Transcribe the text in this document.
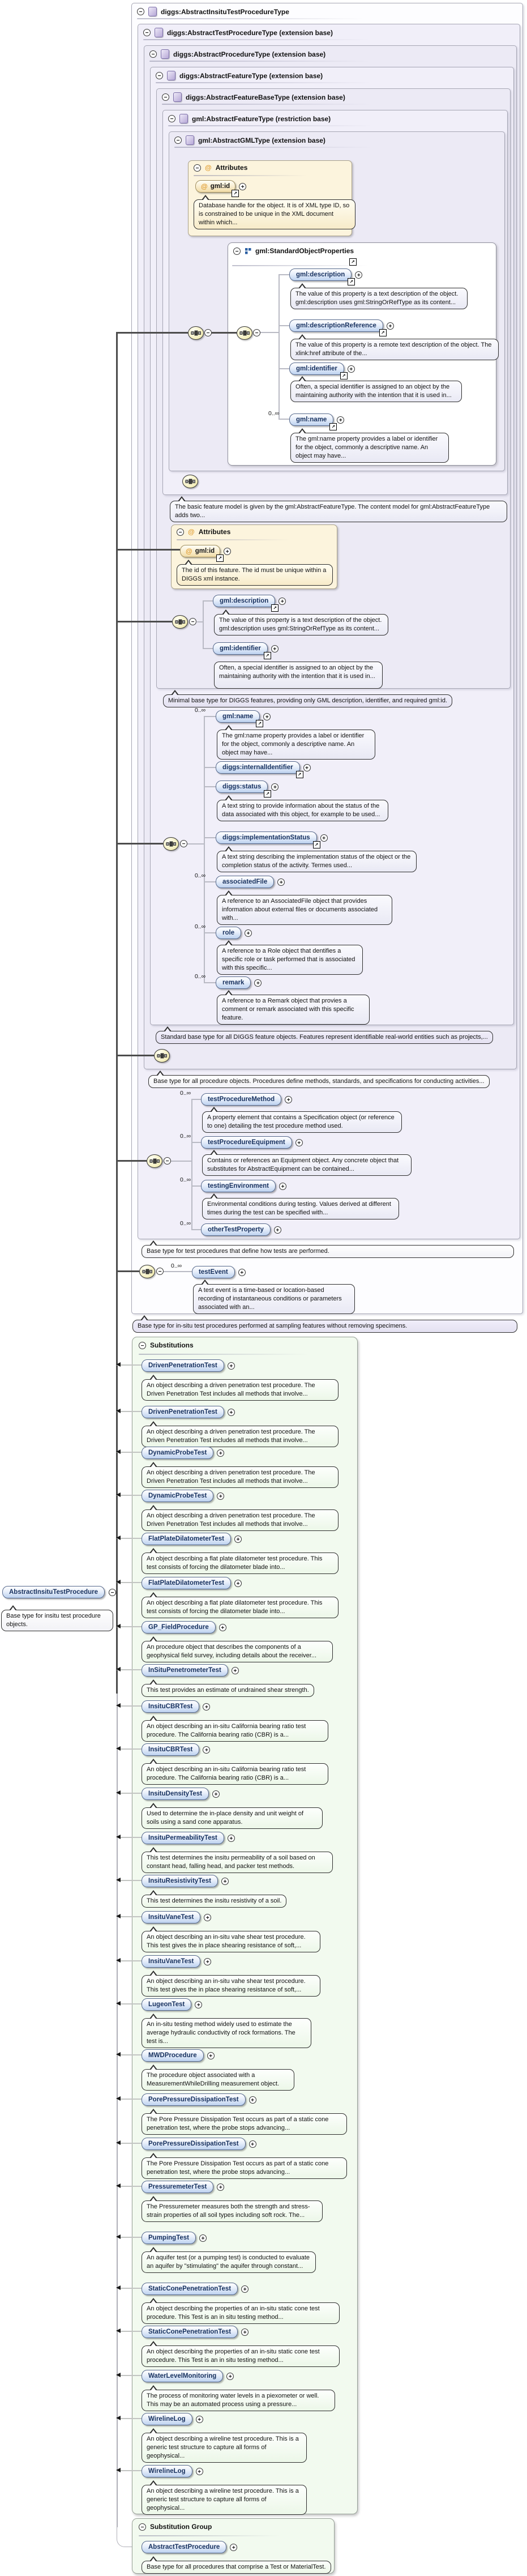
−	diggs:AbstractInsituTestProcedureType
−	diggs:AbstractTestProcedureType (extension base)
−	diggs:AbstractProcedureType (extension base)
−	diggs:AbstractFeatureType (extension base)
−	diggs:AbstractFeatureBaseType (extension base)
−	gml:AbstractFeatureType (restriction base)
−	gml:AbstractGMLType (extension base)
− @ Attributes
@ gml:id
↗
+
Database handle for the object. It is of XML type ID, so is constrained to be unique in the XML document within which...
− gml:StandardObjectProperties
↗
−	−
gml:description
↗
+
The value of this property is a text description of the object. gml:description uses gml:StringOrRefType as its content...
gml:descriptionReference
↗
+
The value of this property is a remote text description of the object. The xlink:href attribute of the...
gml:identifier
↗
+
Often, a special identifier is assigned to an object by the maintaining authority with the intention that it is used in...
0..∞
gml:name
↗
+
The gml:name property provides a label or identifier for the object, commonly a descriptive name. An object may have...
The basic feature model is given by the gml:AbstractFeatureType. The content model for gml:AbstractFeatureType adds two...
− @ Attributes
@ gml:id
↗
+
The id of this feature. The id must be unique within a DIGGS xml instance.
gml:description
↗
+
The value of this property is a text description of the object. gml:description uses gml:StringOrRefType as its content...
gml:identifier
↗
+
Often, a special identifier is assigned to an object by the maintaining authority with the intention that it is used in...
−
Minimal base type for DIGGS features, providing only GML description, identifier, and required gml:id.
0..∞
gml:name
↗
+
The gml:name property provides a label or identifier for the object, commonly a descriptive name. An object may have...
diggs:internalIdentifier
↗
+
diggs:status
↗
+
A text string to provide information about the status of the data associated with this object, for example to be used...
diggs:implementationStatus
↗
+
A text string describing the implementation status of the object or the completion status of the activity. Termes used...
0..∞
associatedFile	+
A reference to an AssociatedFile object that provides information about external files or documents associated with...
0..∞
role	+
A reference to a Role object that dentifies a specific role or task performed that is associated with this specific...
0..∞
remark	+
A reference to a Remark object that provies a comment or remark associated with this specific feature.
−
Standard base type for all DIGGS feature objects. Features represent identifiable real-world entities such as projects,...
Base type for all procedure objects. Procedures define methods, standards, and specifications for conducting activities...
0..∞
testProcedureMethod	+
A property element that contains a Specification object (or reference to one) detailing the test procedure method used.
0..∞
testProcedureEquipment	+
Contains or references an Equipment object. Any concrete object that substitutes for AbstractEquipment can be contained...
0..∞
testingEnvironment	+
Environmental conditions during testing. Values derived at different times during the test can be specified with...
0..∞
otherTestProperty	+
−
Base type for test procedures that define how tests are performed.
−
0..∞
testEvent	+
A test event is a time-based or location-based recording of instantaneous conditions or parameters associated with an...
Base type for in-situ test procedures performed at sampling features without removing specimens.
AbstractInsituTestProcedure	−
Base type for insitu test procedure objects.
− Substitutions
DrivenPenetrationTest	+
An object describing a driven penetration test procedure. The Driven Penetration Test includes all methods that involve...
DrivenPenetrationTest	+
An object describing a driven penetration test procedure. The Driven Penetration Test includes all methods that involve...
DynamicProbeTest	+
An object describing a driven penetration test procedure. The Driven Penetration Test includes all methods that involve...
DynamicProbeTest	+
An object describing a driven penetration test procedure. The Driven Penetration Test includes all methods that involve...
FlatPlateDilatometerTest	+
An object describing a flat plate dilatometer test procedure. This test consists of forcing the dilatometer blade into...
FlatPlateDilatometerTest	+
An object describing a flat plate dilatometer test procedure. This test consists of forcing the dilatometer blade into...
GP_FieldProcedure	+
An procedure object that describes the components of a geophysical field survey, including details about the receiver...
InSituPenetrometerTest	+
This test provides an estimate of undrained shear strength.
InsituCBRTest	+
An object describing an in-situ California bearing ratio test procedure. The California bearing ratio (CBR) is a...
InsituCBRTest	+
An object describing an in-situ California bearing ratio test procedure. The California bearing ratio (CBR) is a...
InsituDensityTest	+
Used to determine the in-place density and unit weight of soils using a sand cone apparatus.
InsituPermeabilityTest	+
This test determines the insitu permeability of a soil based on constant head, falling head, and packer test methods.
InsituResistivityTest	+
This test determines the insitu resistivity of a soil.
InsituVaneTest	+
An object describing an in-situ vahe shear test procedure. This test gives the in place shearing resistance of soft,...
InsituVaneTest	+
An object describing an in-situ vahe shear test procedure. This test gives the in place shearing resistance of soft,...
LugeonTest	+
An in-situ testing method widely used to estimate the average hydraulic conductivity of rock formations. The test is...
MWDProcedure	+
The procedure object associated with a MeasurementWhileDrilling measurement object.
PorePressureDissipationTest	+
The Pore Pressure Dissipation Test occurs as part of a static cone penetration test, where the probe stops advancing...
PorePressureDissipationTest	+
The Pore Pressure Dissipation Test occurs as part of a static cone penetration test, where the probe stops advancing...
PressuremeterTest	+
The Pressuremeter measures both the strength and stress-strain properties of all soil types including soft rock. The...
PumpingTest	+
An aquifer test (or a pumping test) is conducted to evaluate an aquifer by "stimulating" the aquifer through constant...
StaticConePenetrationTest	+
An object describing the properties of an in-situ static cone test procedure. This Test is an in situ testing method...
StaticConePenetrationTest	+
An object describing the properties of an in-situ static cone test procedure. This Test is an in situ testing method...
WaterLevelMonitoring	+
The process of monitoring water levels in a piexometer or well. This may be an automated process using a pressure...
WirelineLog	+
An object describing a wireline test procedure. This is a generic test structure to capture all forms of geophysical...
WirelineLog	+
An object describing a wireline test procedure. This is a generic test structure to capture all forms of geophysical...
− Substitution Group
AbstractTestProcedure	+
Base type for all procedures that comprise a Test or MaterialTest.
